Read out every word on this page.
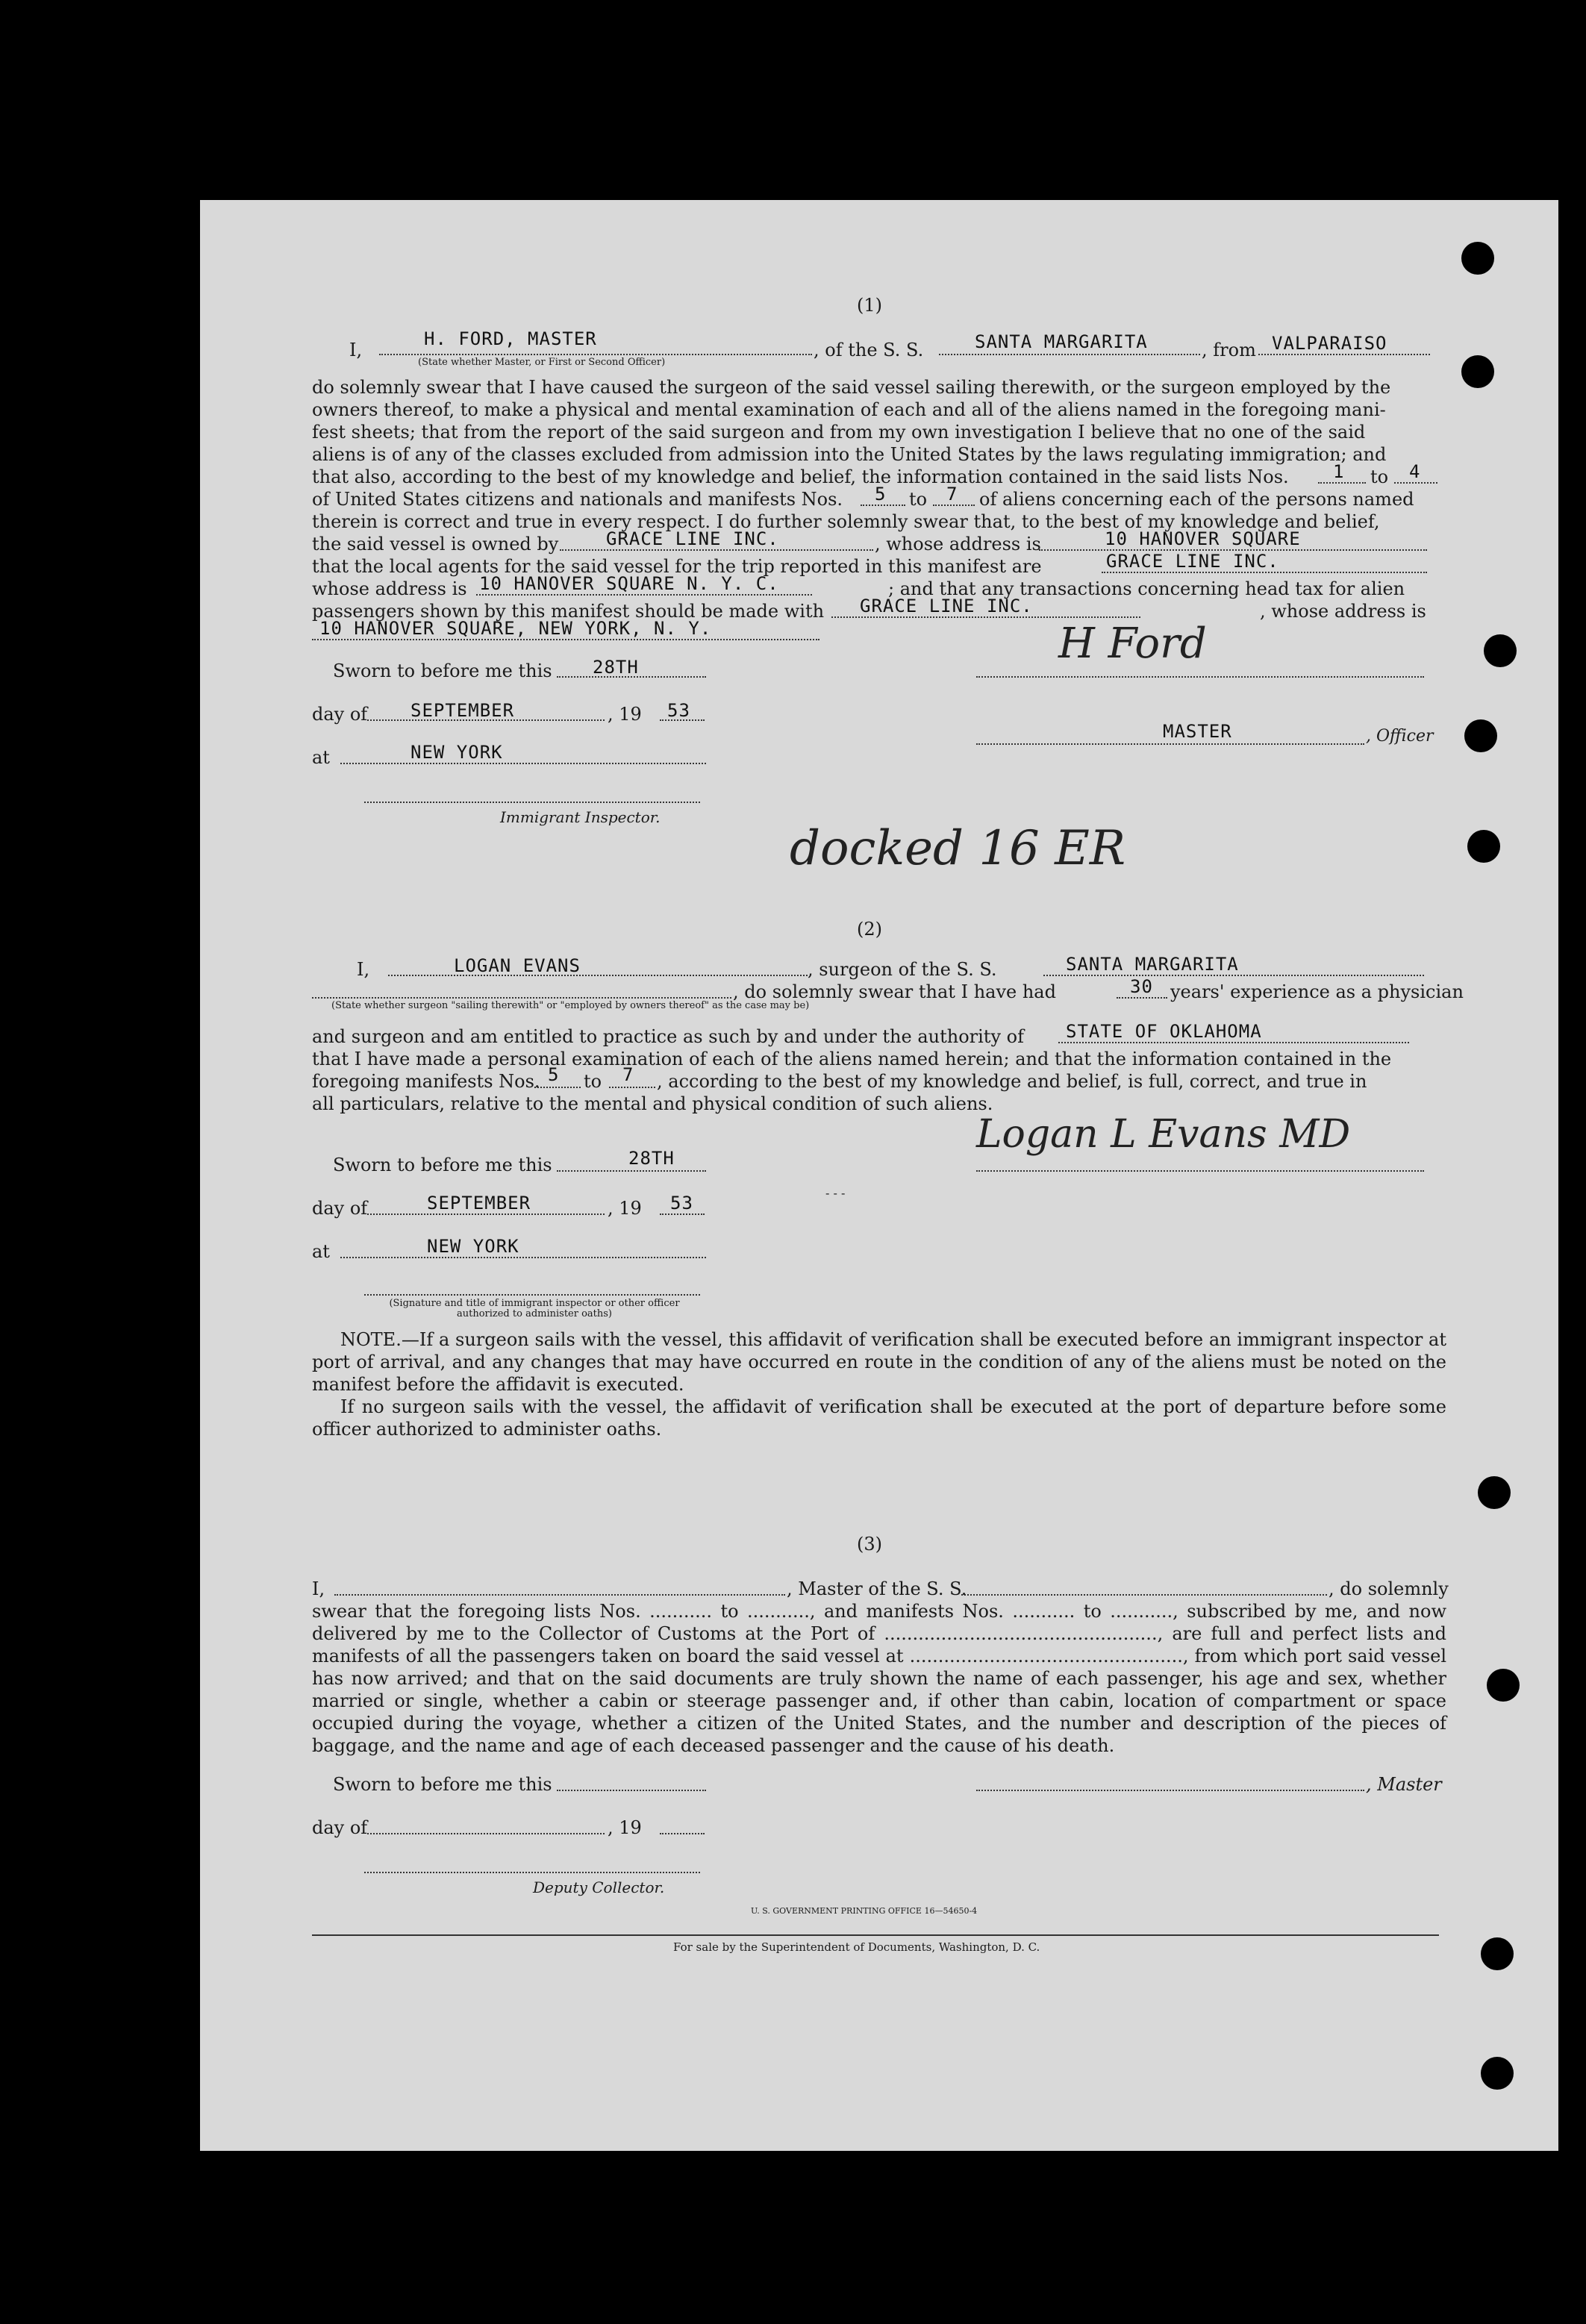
(1)
I,
H. FORD, MASTER
(State whether Master, or First or Second Officer)
, of the S. S.	SANTA MARGARITA	, from VALPARAISO
do solemnly swear that I have caused the surgeon of the said vessel sailing therewith, or the surgeon employed by the
owners thereof, to make a physical and mental examination of each and all of the aliens named in the foregoing mani-
fest sheets; that from the report of the said surgeon and from my own investigation I believe that no one of the said
aliens is of any of the classes excluded from admission into the United States by the laws regulating immigration; and
that also, according to the best of my knowledge and belief, the information contained in the said lists Nos. 1 to 4
of United States citizens and nationals and manifests Nos. 5 to 7 of aliens concerning each of the persons named
therein is correct and true in every respect. I do further solemnly swear that, to the best of my knowledge and belief,
the said vessel is owned by	GRACE LINE INC.	, whose address is	10 HANOVER SQUARE
that the local agents for the said vessel for the trip reported in this manifest are	GRACE LINE INC.
whose address is 10 HANOVER SQUARE N. Y. C.	; and that any transactions concerning head tax for alien
passengers shown by this manifest should be made with GRACE LINE INC.	, whose address is
10 HANOVER SQUARE, NEW YORK, N. Y.
Sworn to before me this 28TH
day of SEPTEMBER	, 19 53
at	NEW YORK
Immigrant Inspector.
H Ford
MASTER	, Officer
docked 16 ER
(2)
I,	LOGAN EVANS	, surgeon of the S. S.	SANTA MARGARITA
, do solemnly swear that I have had	30 years' experience as a physician
(State whether surgeon "sailing therewith" or "employed by owners thereof" as the case may be)
and surgeon and am entitled to practice as such by and under the authority of STATE OF OKLAHOMA
that I have made a personal examination of each of the aliens named herein; and that the information contained in the
foregoing manifests Nos. 5 to 7 , according to the best of my knowledge and belief, is full, correct, and true in
all particulars, relative to the mental and physical condition of such aliens.
Sworn to before me this	28TH
day of	SEPTEMBER	, 19 53
at	NEW YORK
(Signature and title of immigrant inspector or other officer authorized to administer oaths)
Logan L Evans MD
- - -
NOTE.—If a surgeon sails with the vessel, this affidavit of verification shall be executed before an immigrant inspector at port of arrival, and any changes that may have occurred en route in the condition of any of the aliens must be noted on the manifest before the affidavit is executed.
If no surgeon sails with the vessel, the affidavit of verification shall be executed at the port of departure before some officer authorized to administer oaths.
(3)
I,	, Master of the S. S.	, do solemnly
swear that the foregoing lists Nos. ........... to ..........., and manifests Nos. ........... to ..........., subscribed by me, and now delivered by me to the Collector of Customs at the Port of ................................................, are full and perfect lists and manifests of all the passengers taken on board the said vessel at ................................................, from which port said vessel has now arrived; and that on the said documents are truly shown the name of each passenger, his age and sex, whether married or single, whether a cabin or steerage passenger and, if other than cabin, location of compartment or space occupied during the voyage, whether a citizen of the United States, and the number and description of the pieces of baggage, and the name and age of each deceased passenger and the cause of his death.
Sworn to before me this	, Master
day of	, 19
Deputy Collector.
U. S. GOVERNMENT PRINTING OFFICE 16—54650-4
For sale by the Superintendent of Documents, Washington, D. C.
